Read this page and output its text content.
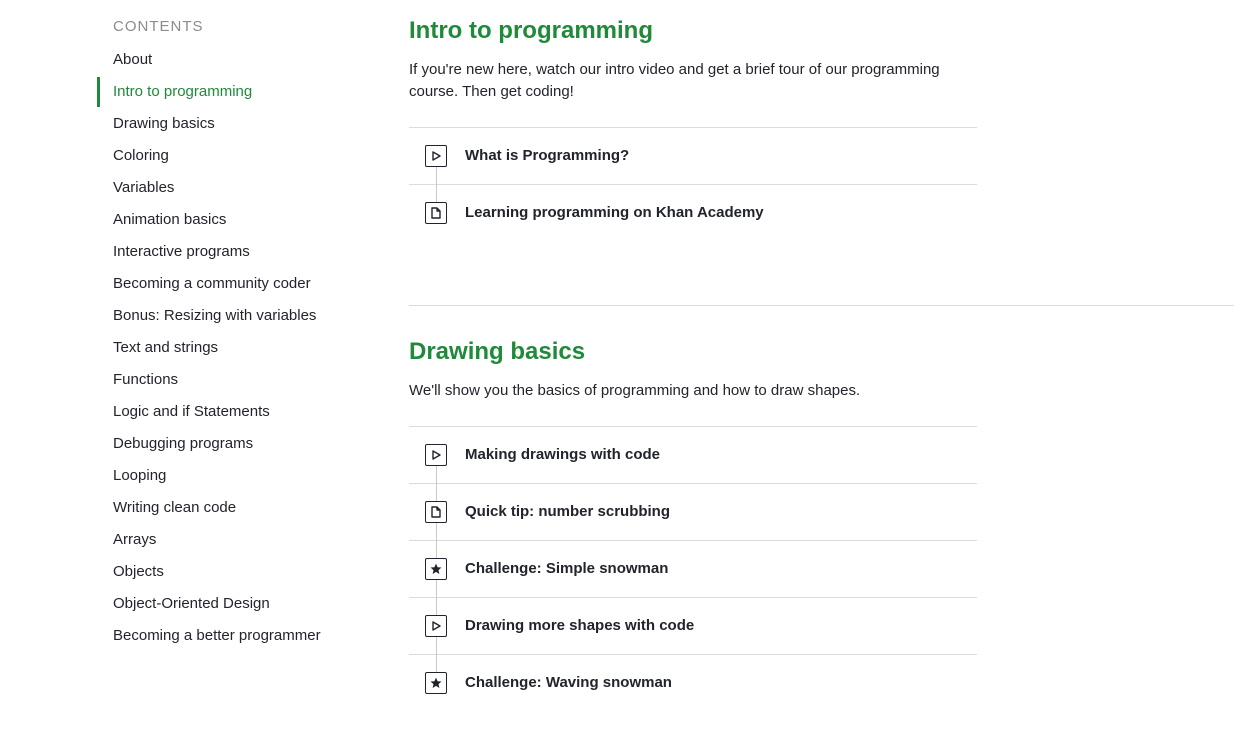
CONTENTS
About
Intro to programming
Drawing basics
Coloring
Variables
Animation basics
Interactive programs
Becoming a community coder
Bonus: Resizing with variables
Text and strings
Functions
Logic and if Statements
Debugging programs
Looping
Writing clean code
Arrays
Objects
Object-Oriented Design
Becoming a better programmer
Intro to programming

If you're new here, watch our intro video and get a brief tour of our programming course. Then get coding!

What is Programming?
Learning programming on Khan Academy
Drawing basics

We'll show you the basics of programming and how to draw shapes.

Making drawings with code
Quick tip: number scrubbing
Challenge: Simple snowman
Drawing more shapes with code
Challenge: Waving snowman
